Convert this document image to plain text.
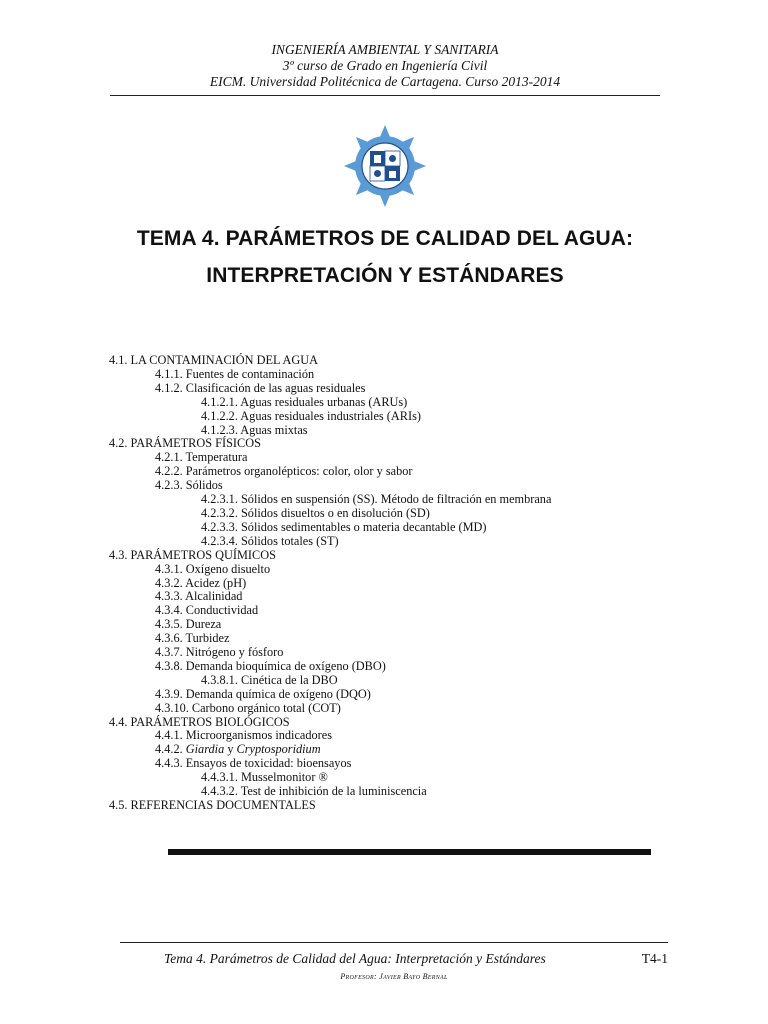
INGENIERÍA AMBIENTAL Y SANITARIA
3º curso de Grado en Ingeniería Civil
EICM. Universidad Politécnica de Cartagena. Curso 2013-2014
TEMA 4. PARÁMETROS DE CALIDAD DEL AGUA:
INTERPRETACIÓN Y ESTÁNDARES
4.1. LA CONTAMINACIÓN DEL AGUA
4.1.1. Fuentes de contaminación
4.1.2. Clasificación de las aguas residuales
4.1.2.1. Aguas residuales urbanas (ARUs)
4.1.2.2. Aguas residuales industriales (ARIs)
4.1.2.3. Aguas mixtas
4.2. PARÁMETROS FÍSICOS
4.2.1. Temperatura
4.2.2. Parámetros organolépticos: color, olor y sabor
4.2.3. Sólidos
4.2.3.1. Sólidos en suspensión (SS). Método de filtración en membrana
4.2.3.2. Sólidos disueltos o en disolución (SD)
4.2.3.3. Sólidos sedimentables o materia decantable (MD)
4.2.3.4. Sólidos totales (ST)
4.3. PARÁMETROS QUÍMICOS
4.3.1. Oxígeno disuelto
4.3.2. Acidez (pH)
4.3.3. Alcalinidad
4.3.4. Conductividad
4.3.5. Dureza
4.3.6. Turbidez
4.3.7. Nitrógeno y fósforo
4.3.8. Demanda bioquímica de oxígeno (DBO)
4.3.8.1. Cinética de la DBO
4.3.9. Demanda química de oxígeno (DQO)
4.3.10. Carbono orgánico total (COT)
4.4. PARÁMETROS BIOLÓGICOS
4.4.1. Microorganismos indicadores
4.4.2. Giardia y Cryptosporidium
4.4.3. Ensayos de toxicidad: bioensayos
4.4.3.1. Musselmonitor ®
4.4.3.2. Test de inhibición de la luminiscencia
4.5. REFERENCIAS DOCUMENTALES
Tema 4. Parámetros de Calidad del Agua: Interpretación y Estándares	T4-1
Profesor: Javier Bayo Bernal
